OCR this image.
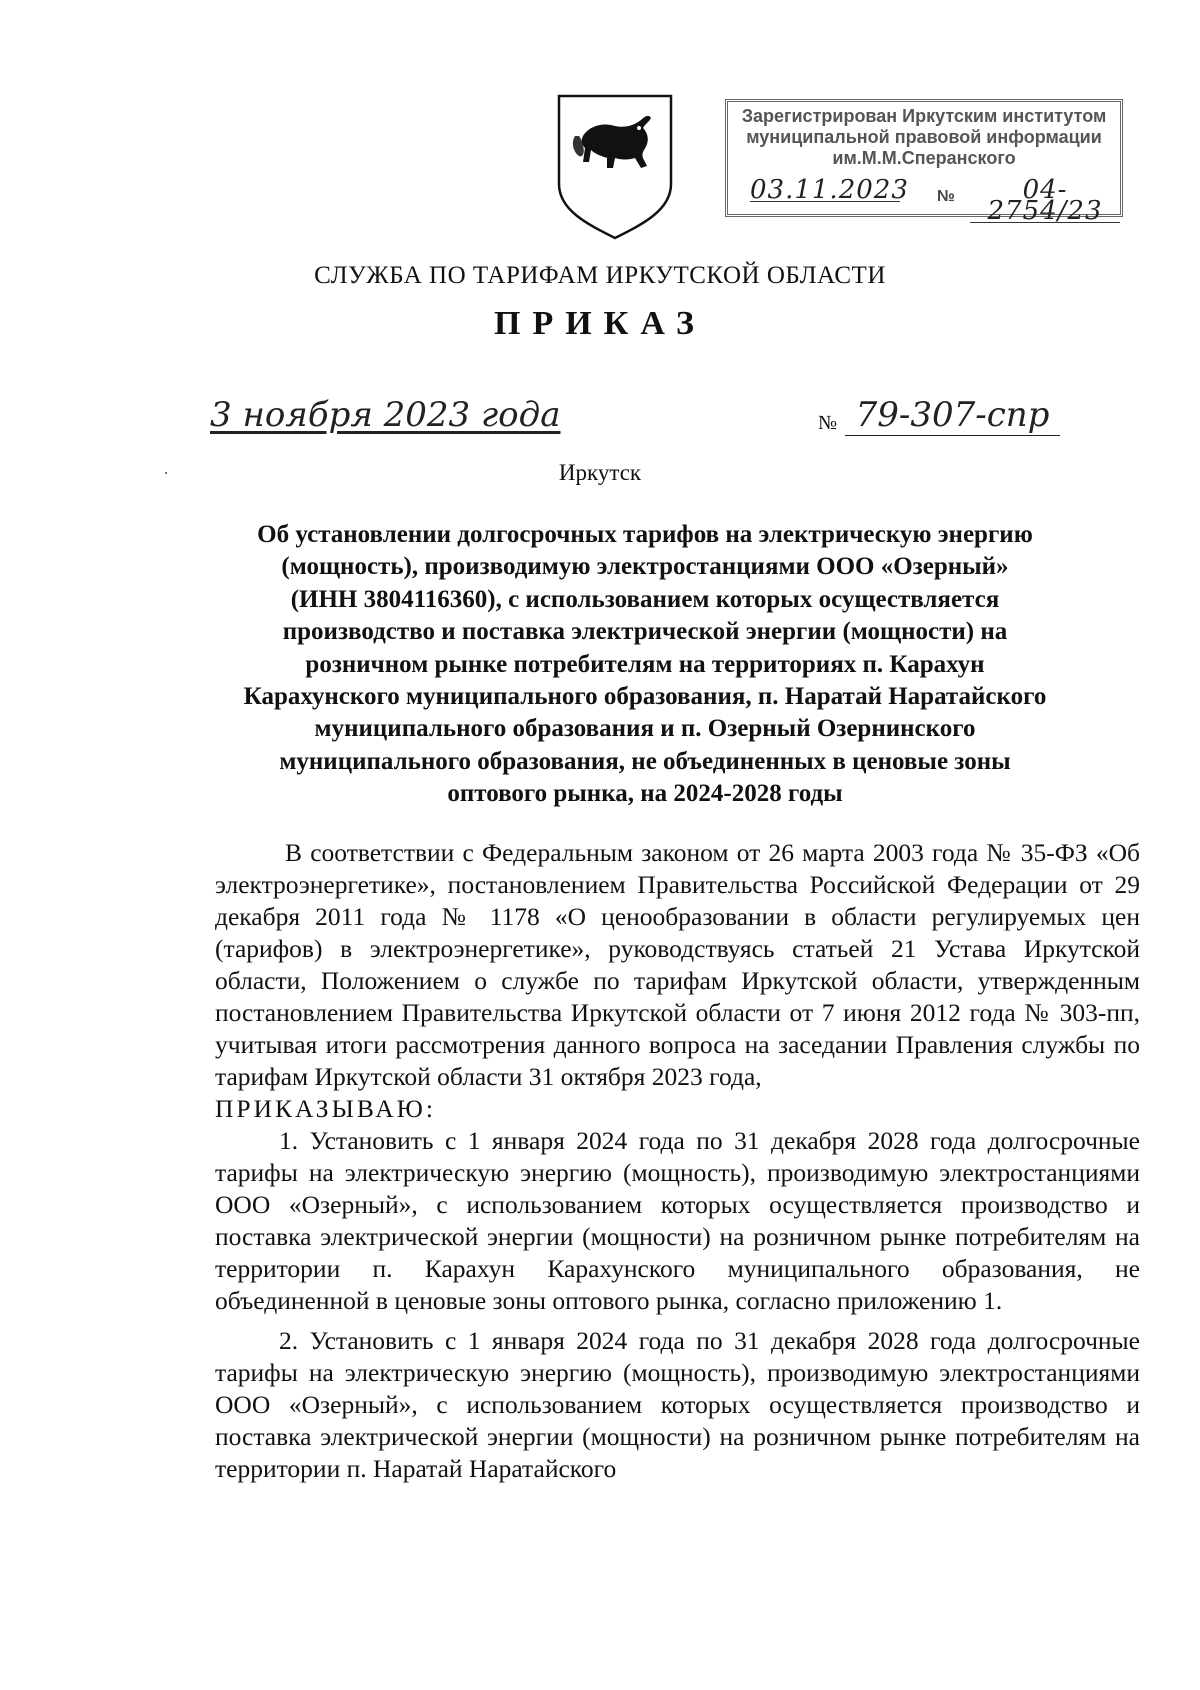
Зарегистрирован Иркутским институтом
муниципальной правовой информации
им.М.М.Сперанского
03.11.2023 №	04-2754/23
СЛУЖБА ПО ТАРИФАМ ИРКУТСКОЙ ОБЛАСТИ
ПРИКАЗ
3 ноября 2023 года	№ 79-307-спр
Иркутск
Об установлении долгосрочных тарифов на электрическую энергию
(мощность), производимую электростанциями ООО «Озерный»
(ИНН 3804116360), с использованием которых осуществляется
производство и поставка электрической энергии (мощности) на
розничном рынке потребителям на территориях п. Карахун
Карахунского муниципального образования, п. Наратай Наратайского
муниципального образования и п. Озерный Озернинского
муниципального образования, не объединенных в ценовые зоны
оптового рынка, на 2024-2028 годы

В соответствии с Федеральным законом от 26 марта 2003 года № 35-ФЗ «Об электроэнергетике», постановлением Правительства Российской Федерации от 29 декабря 2011 года № 1178 «О ценообразовании в области регулируемых цен (тарифов) в электроэнергетике», руководствуясь статьей 21 Устава Иркутской области, Положением о службе по тарифам Иркутской области, утвержденным постановлением Правительства Иркутской области от 7 июня 2012 года № 303-пп, учитывая итоги рассмотрения данного вопроса на заседании Правления службы по тарифам Иркутской области 31 октября 2023 года,

ПРИКАЗЫВАЮ:

1. Установить с 1 января 2024 года по 31 декабря 2028 года долгосрочные тарифы на электрическую энергию (мощность), производимую электростанциями ООО «Озерный», с использованием которых осуществляется производство и поставка электрической энергии (мощности) на розничном рынке потребителям на территории п. Карахун Карахунского муниципального образования, не объединенной в ценовые зоны оптового рынка, согласно приложению 1.

2. Установить с 1 января 2024 года по 31 декабря 2028 года долгосрочные тарифы на электрическую энергию (мощность), производимую электростанциями ООО «Озерный», с использованием которых осуществляется производство и поставка электрической энергии (мощности) на розничном рынке потребителям на территории п. Наратай Наратайского
